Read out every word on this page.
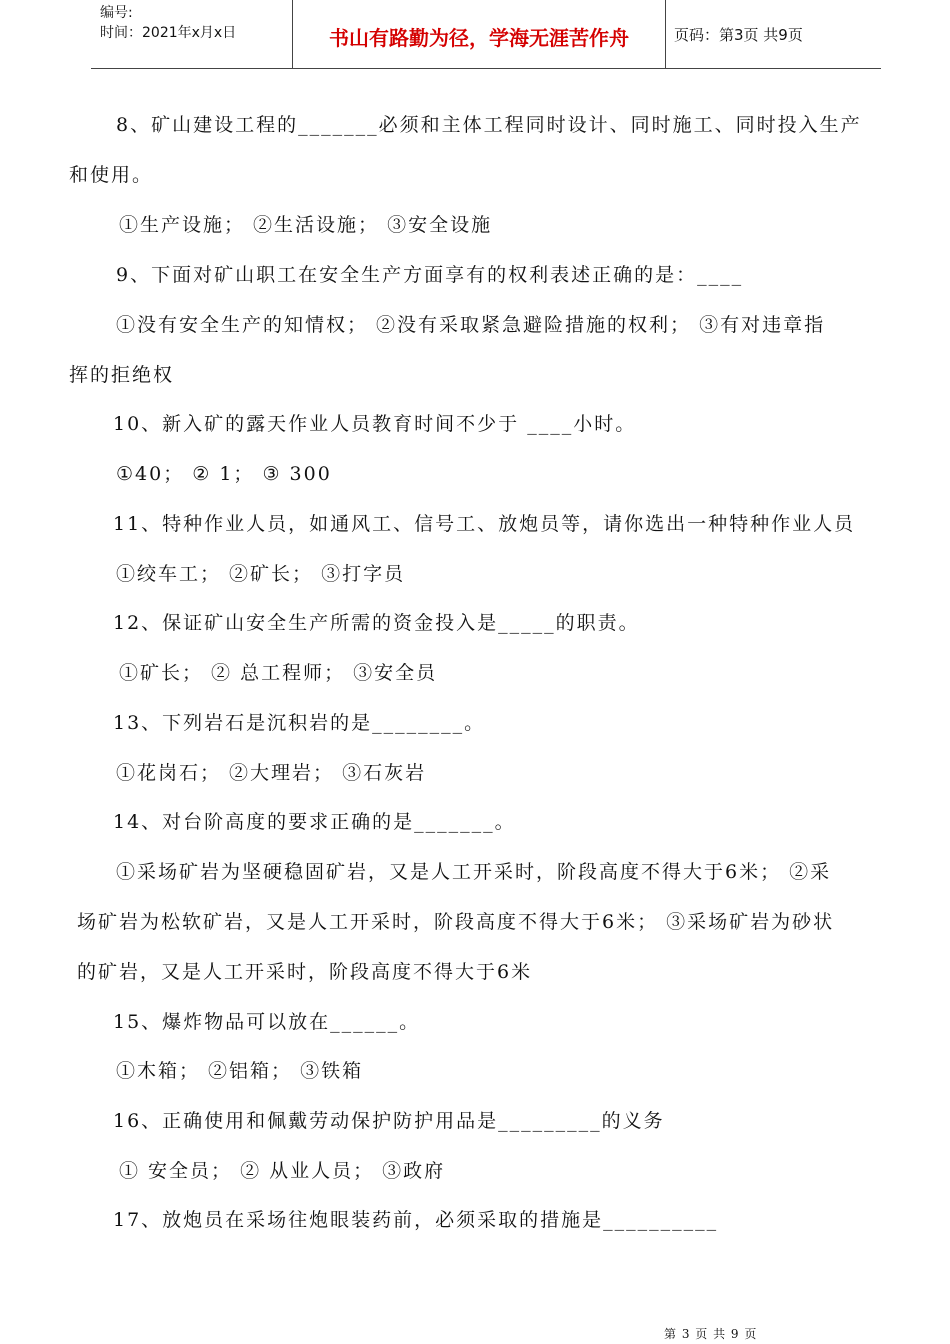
编号:
时间：2021年x月x日	书山有路勤为径，学海无涯苦作舟	页码：第3页 共9页
8、矿山建设工程的_______必须和主体工程同时设计、同时施工、同时投入生产
和使用。
①生产设施； ②生活设施； ③安全设施
9、下面对矿山职工在安全生产方面享有的权利表述正确的是：____
①没有安全生产的知情权； ②没有采取紧急避险措施的权利； ③有对违章指
挥的拒绝权
10、新入矿的露天作业人员教育时间不少于 ____小时。
①40； ② 1； ③ 300
11、特种作业人员，如通风工、信号工、放炮员等，请你选出一种特种作业人员
①绞车工； ②矿长； ③打字员
12、保证矿山安全生产所需的资金投入是_____的职责。
①矿长； ② 总工程师； ③安全员
13、下列岩石是沉积岩的是________。
①花岗石； ②大理岩； ③石灰岩
14、对台阶高度的要求正确的是_______。
①采场矿岩为坚硬稳固矿岩，又是人工开采时，阶段高度不得大于6米； ②采
场矿岩为松软矿岩，又是人工开采时，阶段高度不得大于6米； ③采场矿岩为砂状
的矿岩，又是人工开采时，阶段高度不得大于6米
15、爆炸物品可以放在______。
①木箱； ②铝箱； ③铁箱
16、正确使用和佩戴劳动保护防护用品是_________的义务
① 安全员； ② 从业人员； ③政府
17、放炮员在采场往炮眼装药前，必须采取的措施是__________
第 3 页 共 9 页
